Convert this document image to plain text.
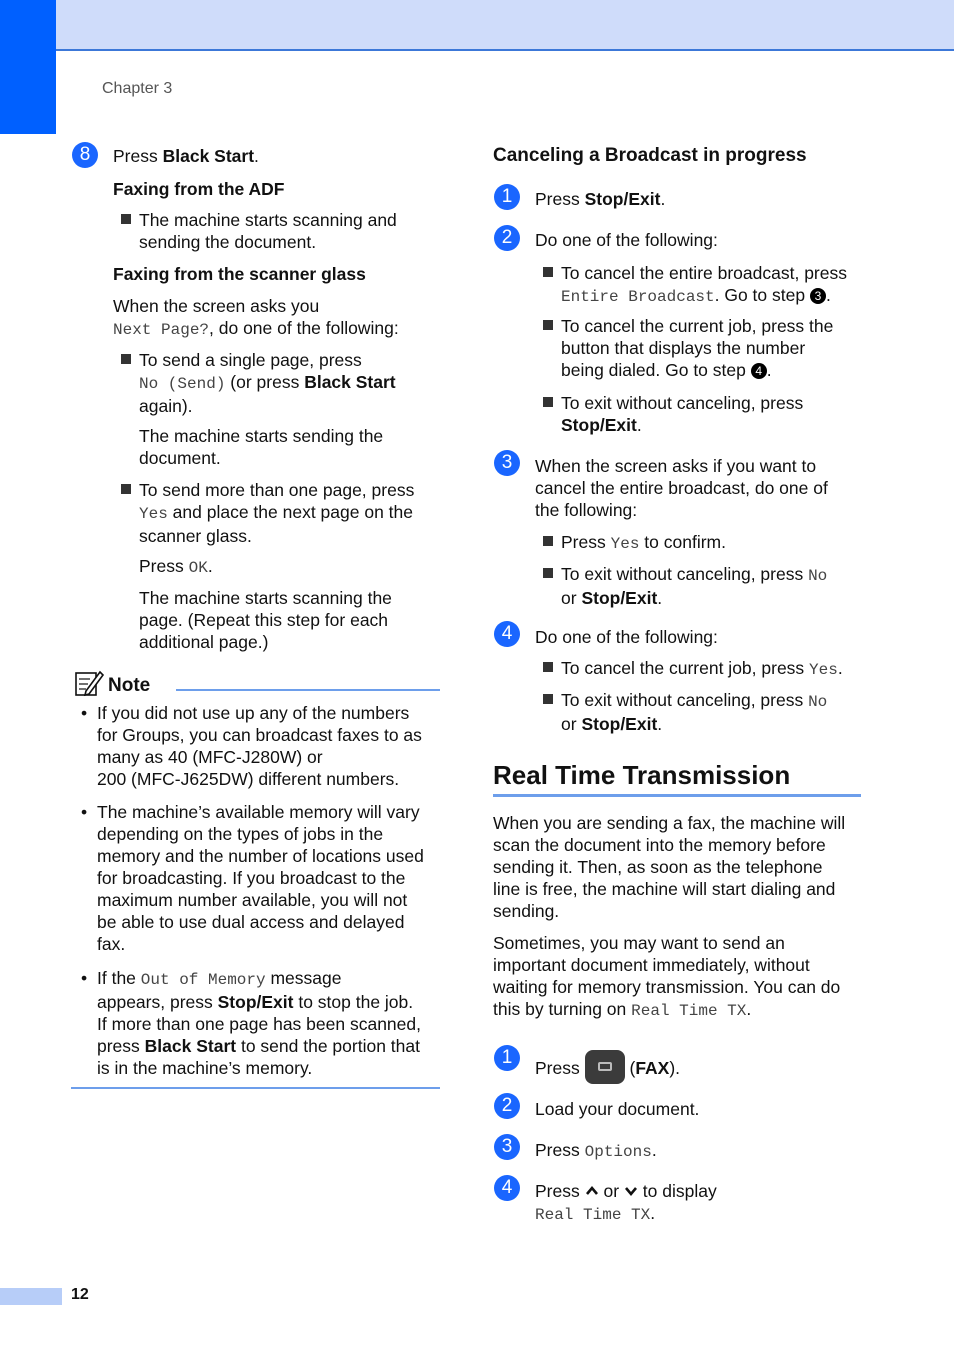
Chapter 3
8	Press Black Start.
Faxing from the ADF
The machine starts scanning and
sending the document.
Faxing from the scanner glass
When the screen asks you
Next Page?, do one of the following:
To send a single page, press
No (Send) (or press Black Start
again).
The machine starts sending the
document.
To send more than one page, press
Yes and place the next page on the
scanner glass.
Press OK.
The machine starts scanning the
page. (Repeat this step for each
additional page.)
Note
• If you did not use up any of the numbers
for Groups, you can broadcast faxes to as
many as 40 (MFC-J280W) or
200 (MFC-J625DW) different numbers.
• The machine’s available memory will vary
depending on the types of jobs in the
memory and the number of locations used
for broadcasting. If you broadcast to the
maximum number available, you will not
be able to use dual access and delayed
fax.
• If the Out of Memory message
appears, press Stop/Exit to stop the job.
If more than one page has been scanned,
press Black Start to send the portion that
is in the machine’s memory.
Canceling a Broadcast in progress
1	Press Stop/Exit.
2	Do one of the following:
To cancel the entire broadcast, press
Entire Broadcast. Go to step 3 .
To cancel the current job, press the
button that displays the number
being dialed. Go to step 4 .
To exit without canceling, press
Stop/Exit.
3	When the screen asks if you want to
cancel the entire broadcast, do one of
the following:
Press Yes to confirm.
To exit without canceling, press No
or Stop/Exit.
4	Do one of the following:
To cancel the current job, press Yes.
To exit without canceling, press No
or Stop/Exit.
Real Time Transmission
When you are sending a fax, the machine will
scan the document into the memory before
sending it. Then, as soon as the telephone
line is free, the machine will start dialing and
sending.
Sometimes, you may want to send an
important document immediately, without
waiting for memory transmission. You can do
this by turning on Real Time TX.
1	Press  (FAX).
2	Load your document.
3	Press Options.
4	Press  or  to display
Real Time TX.
12
